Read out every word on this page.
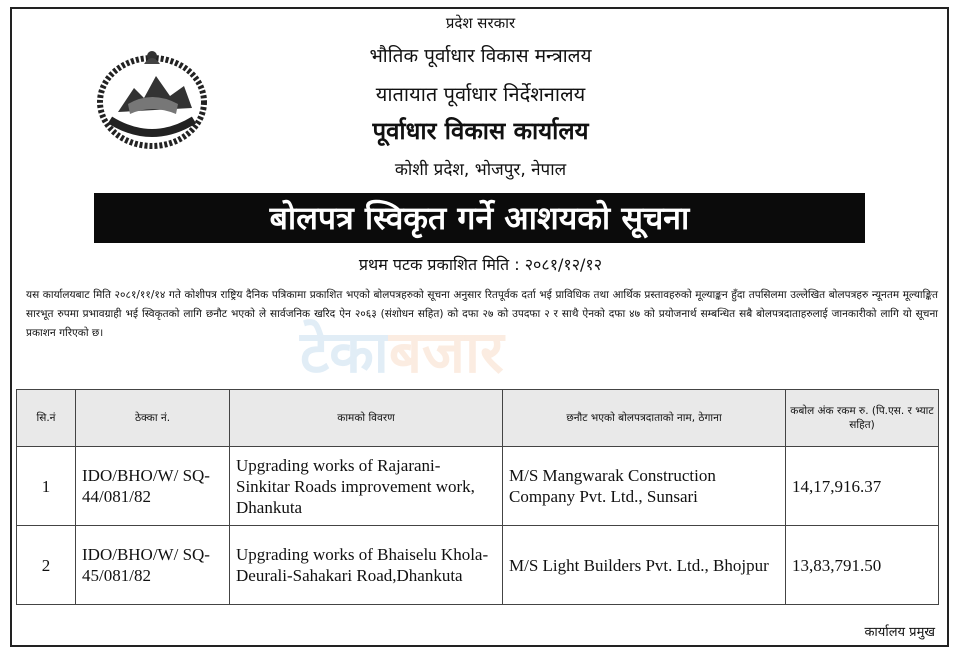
प्रदेश सरकार
भौतिक पूर्वाधार विकास मन्त्रालय
यातायात पूर्वाधार निर्देशनालय
पूर्वाधार विकास कार्यालय
कोशी प्रदेश, भोजपुर, नेपाल
बोलपत्र स्विकृत गर्ने आशयको सूचना
प्रथम पटक प्रकाशित मिति : २०८१/१२/१२
यस कार्यालयबाट मिति २०८१/११/१४ गते कोशीपत्र राष्ट्रिय दैनिक पत्रिकामा प्रकाशित भएको बोलपत्रहरुको सूचना अनुसार रितपूर्वक दर्ता भई प्राविधिक तथा आर्थिक प्रस्तावहरुको मूल्याङ्कन हुँदा तपसिलमा उल्लेखित बोलपत्रहरु न्यूनतम मूल्याङ्कित सारभूत रुपमा प्रभावग्राही भई स्विकृतको लागि छनौट भएको ले सार्वजनिक खरिद ऐन २०६३ (संशोधन सहित) को दफा २७ को उपदफा २ र साथै ऐनको दफा ४७ को प्रयोजनार्थ सम्बन्धित सबै बोलपत्रदाताहरुलाई जानकारीको लागि यो सूचना प्रकाशन गरिएको छ।	टेकाबजार
सि.नं	ठेक्का नं.	कामको विवरण	छनौट भएको बोलपत्रदाताको नाम, ठेगाना	कबोल अंक रकम रु. (पि.एस. र भ्याट सहित)
1	IDO/BHO/W/ SQ-44/081/82	Upgrading works of Rajarani- Sinkitar Roads improvement work, Dhankuta	M/S Mangwarak Construction Company Pvt. Ltd., Sunsari	14,17,916.37
2	IDO/BHO/W/ SQ-45/081/82	Upgrading works of Bhaiselu Khola- Deurali-Sahakari Road,Dhankuta	M/S Light Builders Pvt. Ltd., Bhojpur	13,83,791.50
कार्यालय प्रमुख
